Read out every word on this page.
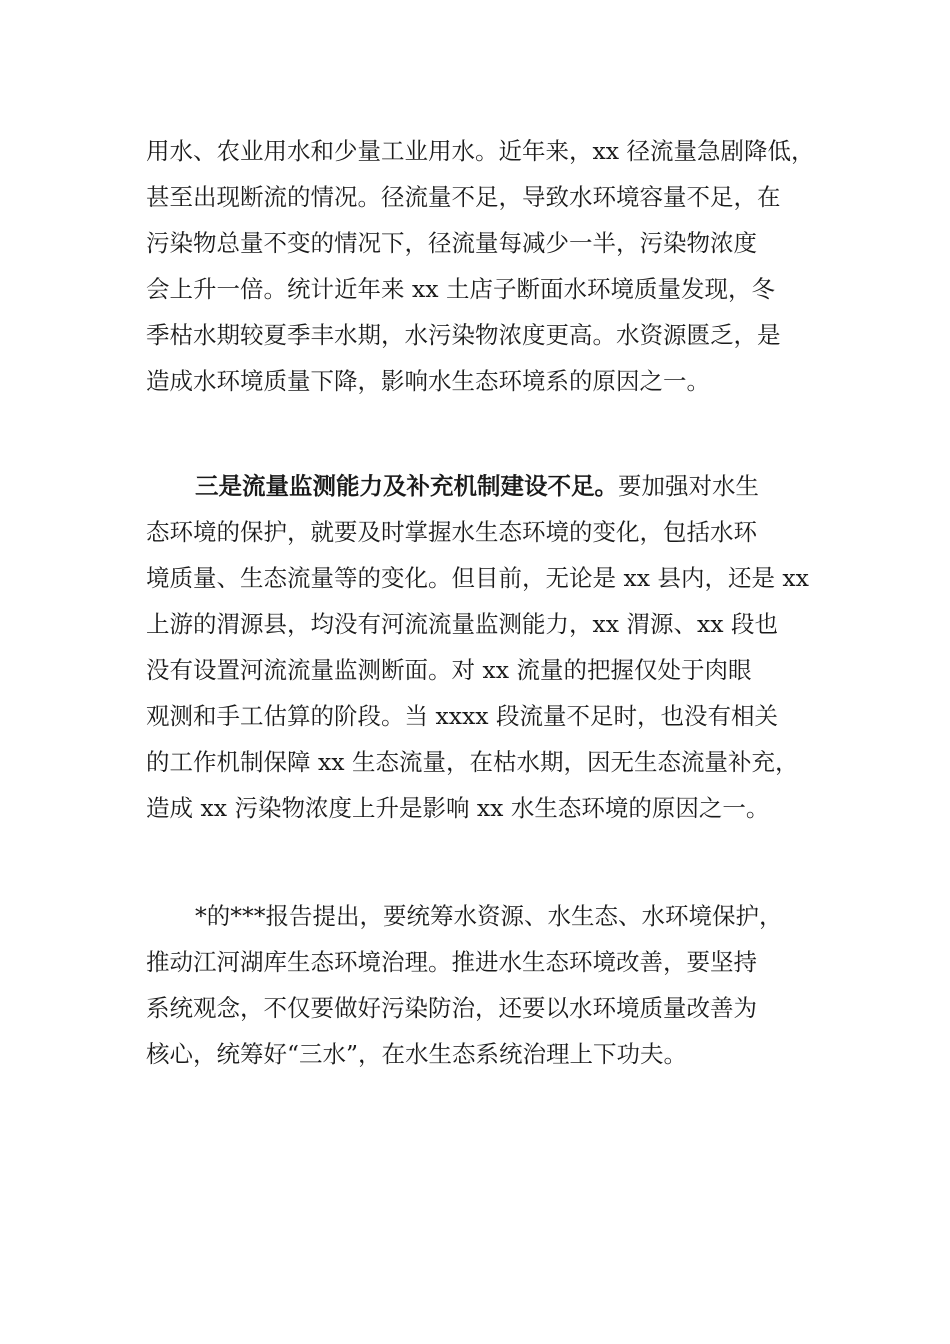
用水、农业用水和少量工业用水。近年来，xx 径流量急剧降低，
甚至出现断流的情况。径流量不足，导致水环境容量不足，在
污染物总量不变的情况下，径流量每减少一半，污染物浓度
会上升一倍。统计近年来 xx 土店子断面水环境质量发现，冬
季枯水期较夏季丰水期，水污染物浓度更高。水资源匮乏，是
造成水环境质量下降，影响水生态环境系的原因之一。
三是流量监测能力及补充机制建设不足。要加强对水生
态环境的保护，就要及时掌握水生态环境的变化，包括水环
境质量、生态流量等的变化。但目前，无论是 xx 县内，还是 xx
上游的渭源县，均没有河流流量监测能力，xx 渭源、xx 段也
没有设置河流流量监测断面。对 xx 流量的把握仅处于肉眼
观测和手工估算的阶段。当 xxxx 段流量不足时，也没有相关
的工作机制保障 xx 生态流量，在枯水期，因无生态流量补充，
造成 xx 污染物浓度上升是影响 xx 水生态环境的原因之一。
*的***报告提出，要统筹水资源、水生态、水环境保护，
推动江河湖库生态环境治理。推进水生态环境改善，要坚持
系统观念，不仅要做好污染防治，还要以水环境质量改善为
核心，统筹好“三水”，在水生态系统治理上下功夫。
